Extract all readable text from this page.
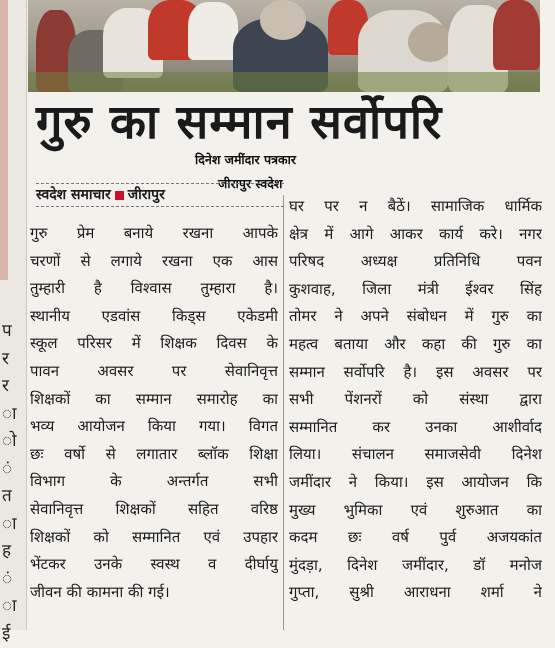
प
र
र
ा
ो
ं
त
ा
ह
ं
ा
ई
गुरु का सम्मान सर्वोपरि
दिनेश जमींदार पत्रकार
जीरापुर स्वदेश
स्वदेश समाचार जीरापुर
गुरु प्रेम बनाये रखना आपके
चरणों से लगाये रखना एक आस
तुम्हारी है विश्वास तुम्हारा है।
स्थानीय एडवांस किड्स एकेडमी
स्कूल परिसर में शिक्षक दिवस के
पावन अवसर पर सेवानिवृत्त
शिक्षकों का सम्मान समारोह का
भव्य आयोजन किया गया। विगत
छः वर्षो से लगातार ब्लॉक शिक्षा
विभाग के अन्तर्गत सभी
सेवानिवृत्त शिक्षकों सहित वरिष्ठ
शिक्षकों को सम्मानित एवं उपहार
भेंटकर उनके स्वस्थ व दीर्घायु
जीवन की कामना की गई।
घर पर न बैठें। सामाजिक धार्मिक
क्षेत्र में आगे आकर कार्य करे। नगर
परिषद अध्यक्ष प्रतिनिधि पवन
कुशवाह, जिला मंत्री ईश्वर सिंह
तोमर ने अपने संबोधन में गुरु का
महत्व बताया और कहा की गुरु का
सम्मान सर्वोपरि है। इस अवसर पर
सभी पेंशनरों को संस्था द्वारा
सम्मानित कर उनका आशीर्वाद
लिया। संचालन समाजसेवी दिनेश
जमींदार ने किया। इस आयोजन कि
मुख्य भुमिका एवं शुरुआत का
कदम छः वर्ष पुर्व अजयकांत
मुंदड़ा, दिनेश जमींदार, डॉ मनोज
गुप्ता, सुश्री आराधना शर्मा ने
